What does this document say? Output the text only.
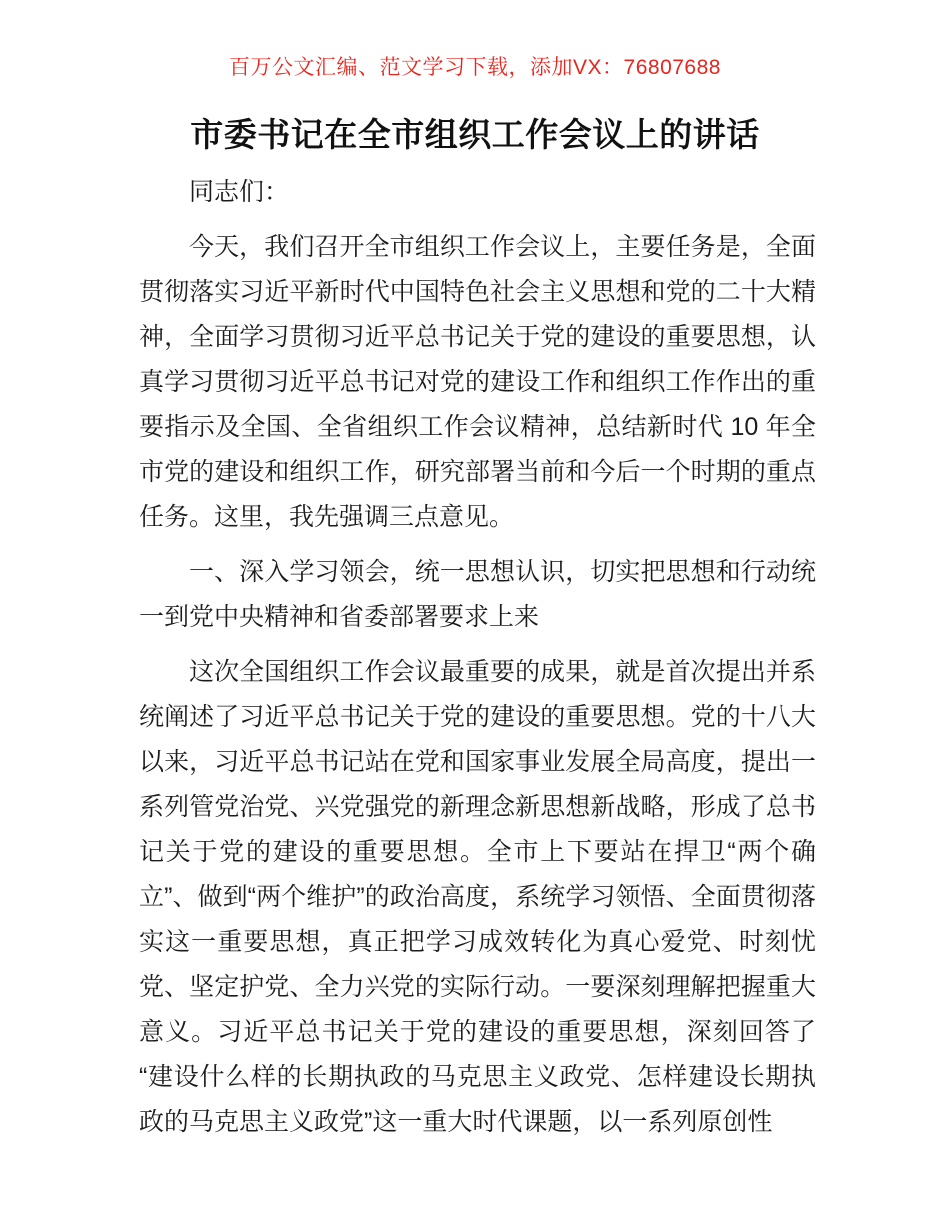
百万公文汇编、范文学习下载，添加VX：76807688
市委书记在全市组织工作会议上的讲话

同志们：

今天，我们召开全市组织工作会议上，主要任务是，全面贯彻落实习近平新时代中国特色社会主义思想和党的二十大精神，全面学习贯彻习近平总书记关于党的建设的重要思想，认真学习贯彻习近平总书记对党的建设工作和组织工作作出的重要指示及全国、全省组织工作会议精神，总结新时代 10 年全市党的建设和组织工作，研究部署当前和今后一个时期的重点任务。这里，我先强调三点意见。

一、深入学习领会，统一思想认识，切实把思想和行动统一到党中央精神和省委部署要求上来

这次全国组织工作会议最重要的成果，就是首次提出并系统阐述了习近平总书记关于党的建设的重要思想。党的十八大以来，习近平总书记站在党和国家事业发展全局高度，提出一系列管党治党、兴党强党的新理念新思想新战略，形成了总书记关于党的建设的重要思想。全市上下要站在捍卫“两个确立”、做到“两个维护”的政治高度，系统学习领悟、全面贯彻落实这一重要思想，真正把学习成效转化为真心爱党、时刻忧党、坚定护党、全力兴党的实际行动。一要深刻理解把握重大意义。习近平总书记关于党的建设的重要思想，深刻回答了“建设什么样的长期执政的马克思主义政党、怎样建设长期执政的马克思主义政党”这一重大时代课题，以一系列原创性
